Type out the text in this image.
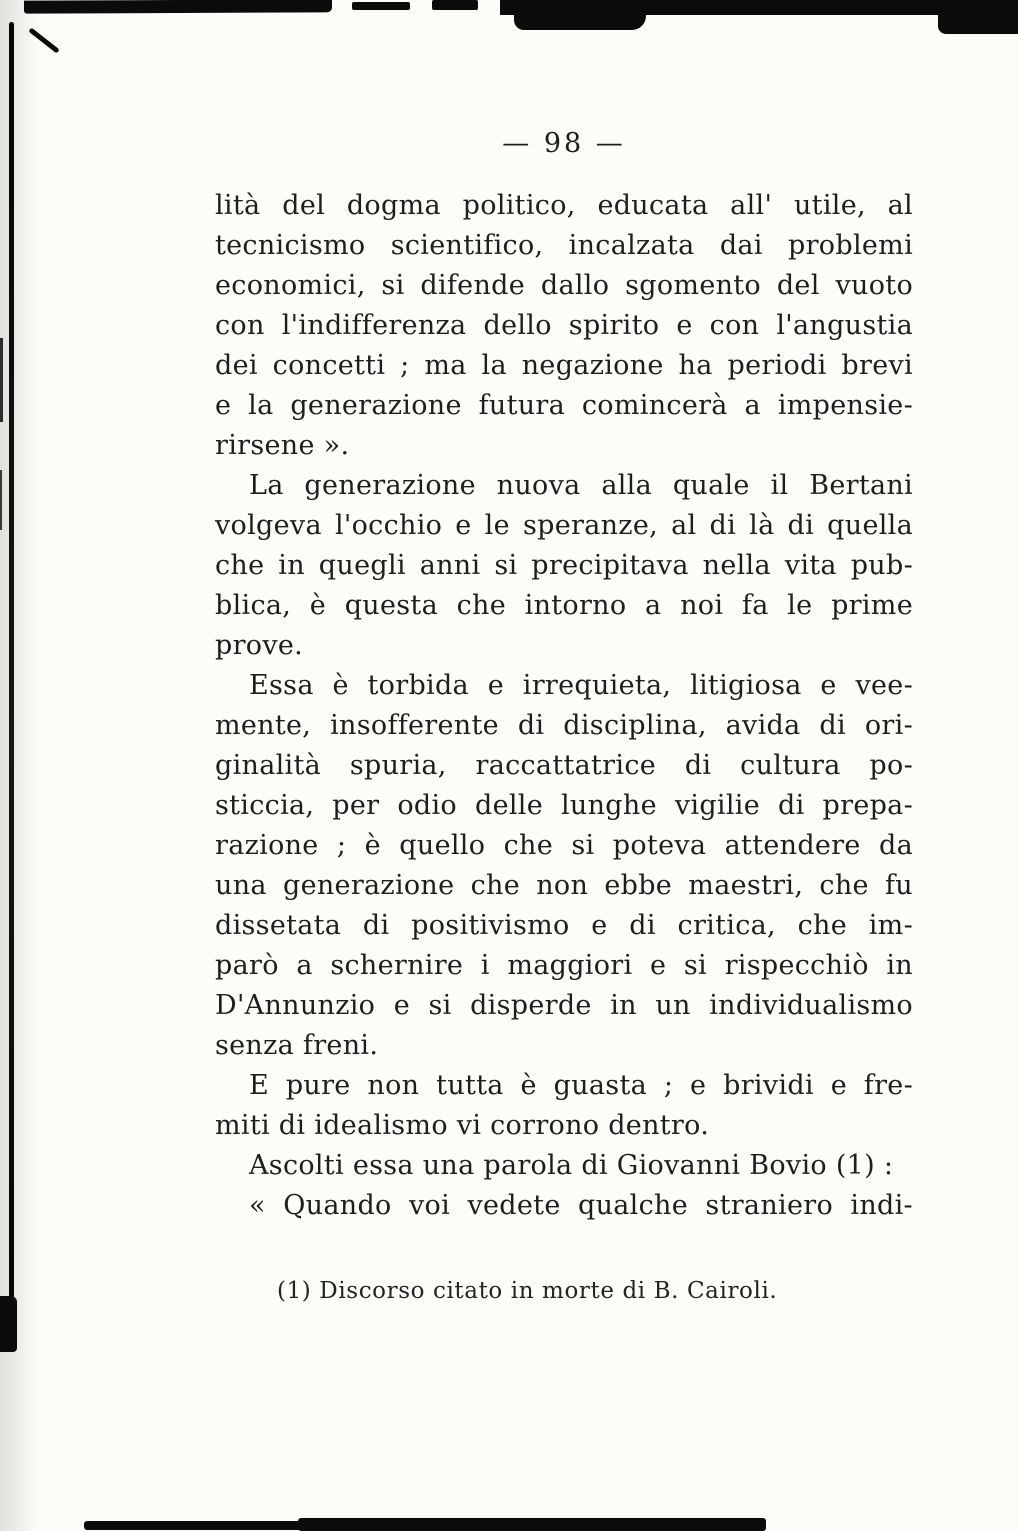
— 98 —
lità del dogma politico, educata all' utile, al
tecnicismo scientifico, incalzata dai problemi
economici, si difende dallo sgomento del vuoto
con l'indifferenza dello spirito e con l'angustia
dei concetti ; ma la negazione ha periodi brevi
e la generazione futura comincerà a impensie-
rirsene ».
La generazione nuova alla quale il Bertani
volgeva l'occhio e le speranze, al di là di quella
che in quegli anni si precipitava nella vita pub-
blica, è questa che intorno a noi fa le prime
prove.
Essa è torbida e irrequieta, litigiosa e vee-
mente, insofferente di disciplina, avida di ori-
ginalità spuria, raccattatrice di cultura po-
sticcia, per odio delle lunghe vigilie di prepa-
razione ; è quello che si poteva attendere da
una generazione che non ebbe maestri, che fu
dissetata di positivismo e di critica, che im-
parò a schernire i maggiori e si rispecchiò in
D'Annunzio e si disperde in un individualismo
senza freni.
E pure non tutta è guasta ; e brividi e fre-
miti di idealismo vi corrono dentro.
Ascolti essa una parola di Giovanni Bovio (1) :
« Quando voi vedete qualche straniero indi-
(1) Discorso citato in morte di B. Cairoli.
